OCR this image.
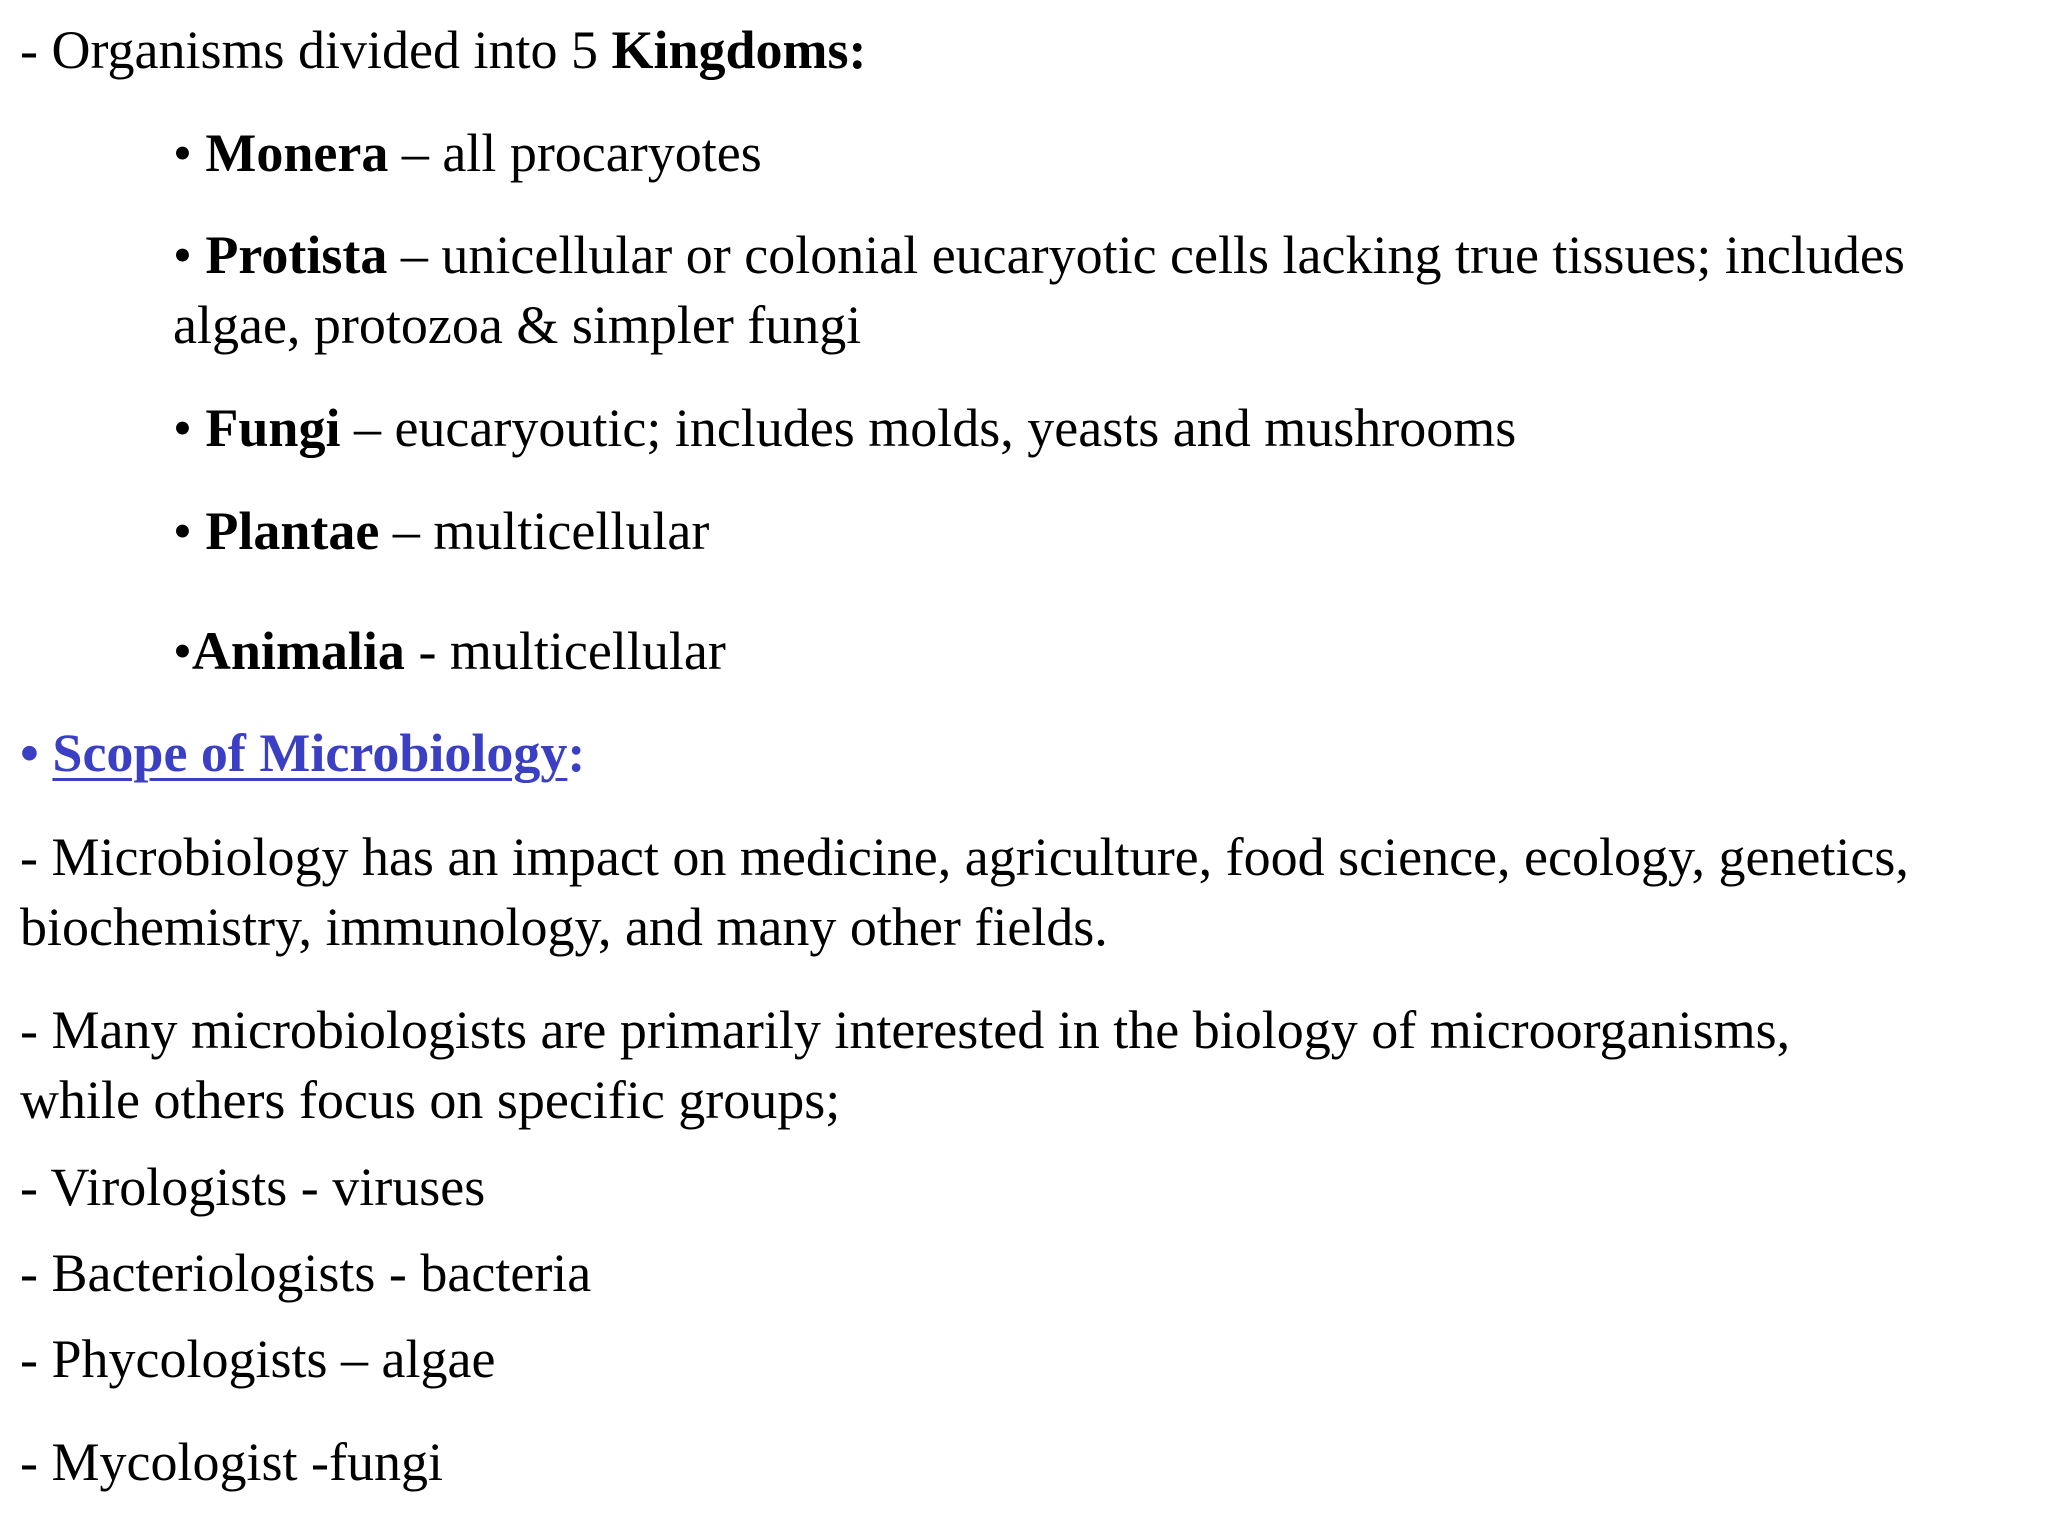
- Organisms divided into 5 Kingdoms:
• Monera – all procaryotes
• Protista – unicellular or colonial eucaryotic cells lacking true tissues; includes
algae, protozoa & simpler fungi
• Fungi – eucaryoutic; includes molds, yeasts and mushrooms
• Plantae – multicellular
•Animalia - multicellular
• Scope of Microbiology:
- Microbiology has an impact on medicine, agriculture, food science, ecology, genetics,
biochemistry, immunology, and many other fields.
- Many microbiologists are primarily interested in the biology of microorganisms,
while others focus on specific groups;
- Virologists - viruses
- Bacteriologists - bacteria
- Phycologists – algae
- Mycologist -fungi
